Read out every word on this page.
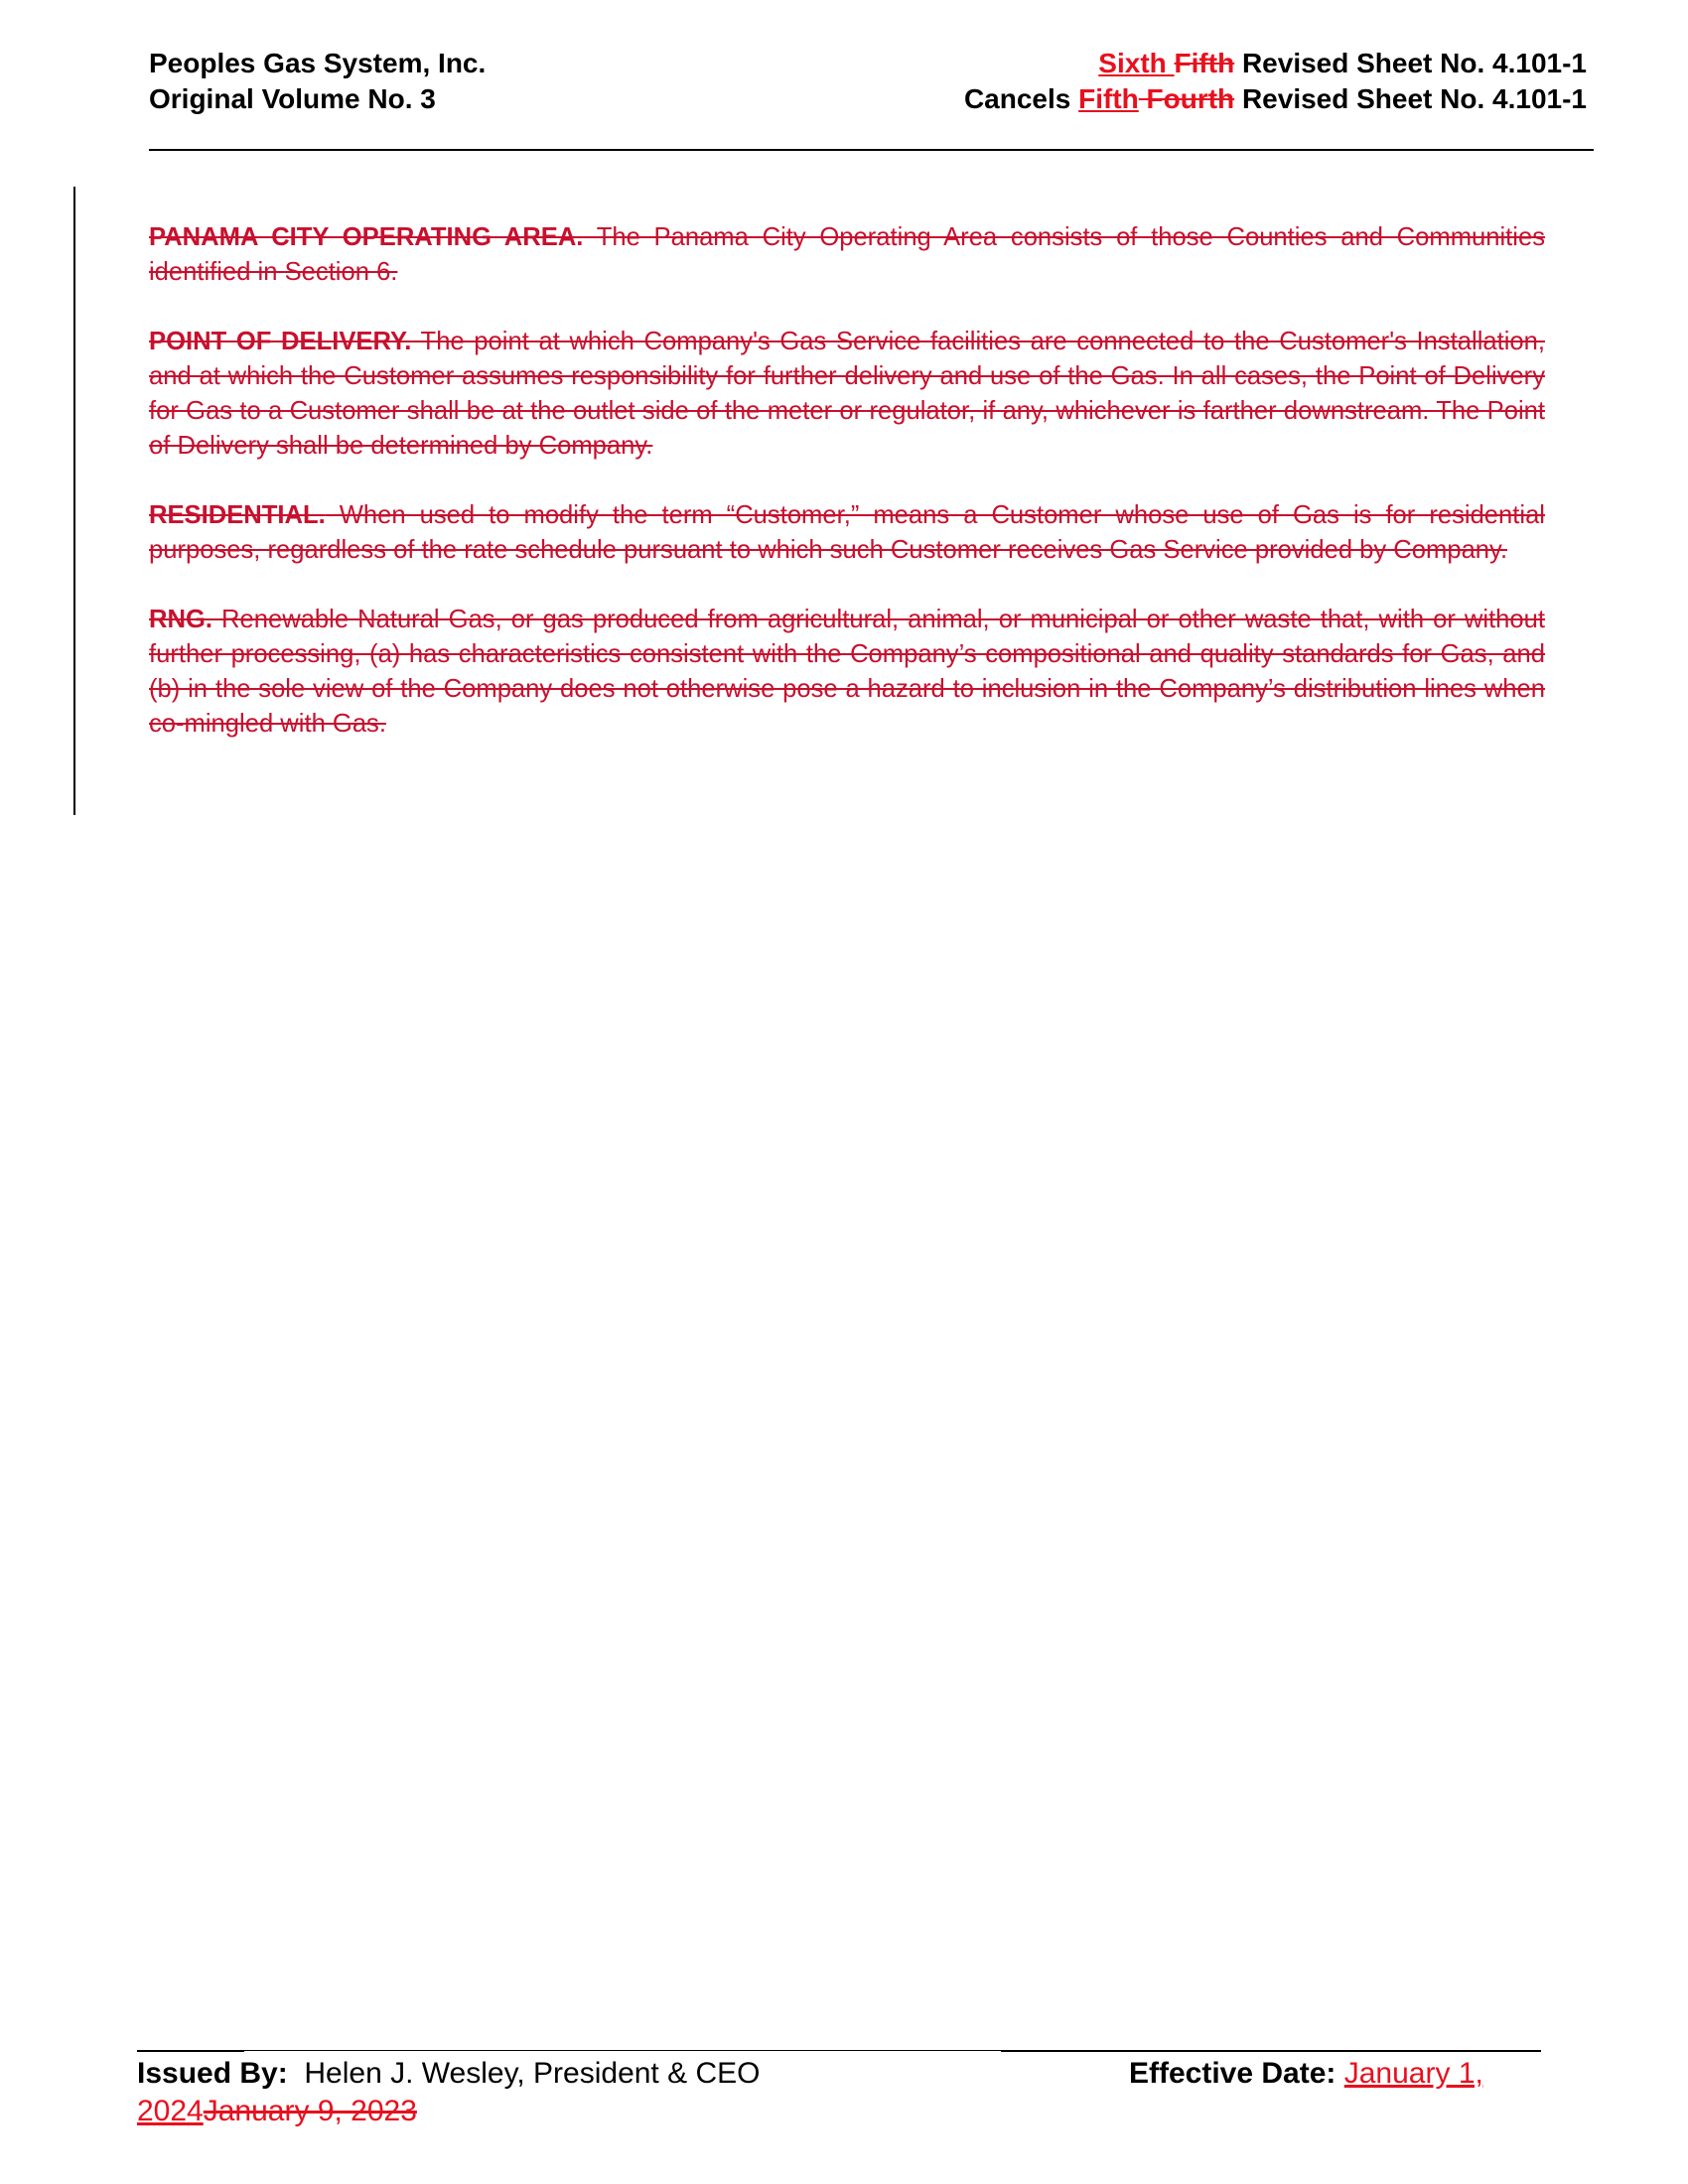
Peoples Gas System, Inc.
Original Volume No. 3
Sixth Fifth Revised Sheet No. 4.101-1
Cancels Fifth Fourth Revised Sheet No. 4.101-1

PANAMA CITY OPERATING AREA. The Panama City Operating Area consists of those Counties and Communities identified in Section 6.

POINT OF DELIVERY. The point at which Company's Gas Service facilities are connected to the Customer's Installation, and at which the Customer assumes responsibility for further delivery and use of the Gas. In all cases, the Point of Delivery for Gas to a Customer shall be at the outlet side of the meter or regulator, if any, whichever is farther downstream. The Point of Delivery shall be determined by Company.

RESIDENTIAL. When used to modify the term “Customer,” means a Customer whose use of Gas is for residential purposes, regardless of the rate schedule pursuant to which such Customer receives Gas Service provided by Company.

RNG. Renewable Natural Gas, or gas produced from agricultural, animal, or municipal or other waste that, with or without further processing, (a) has characteristics consistent with the Company’s compositional and quality standards for Gas, and (b) in the sole view of the Company does not otherwise pose a hazard to inclusion in the Company’s distribution lines when co-mingled with Gas.

Issued By:  Helen J. Wesley, President & CEO	Effective Date: January 1,
2024January 9, 2023
